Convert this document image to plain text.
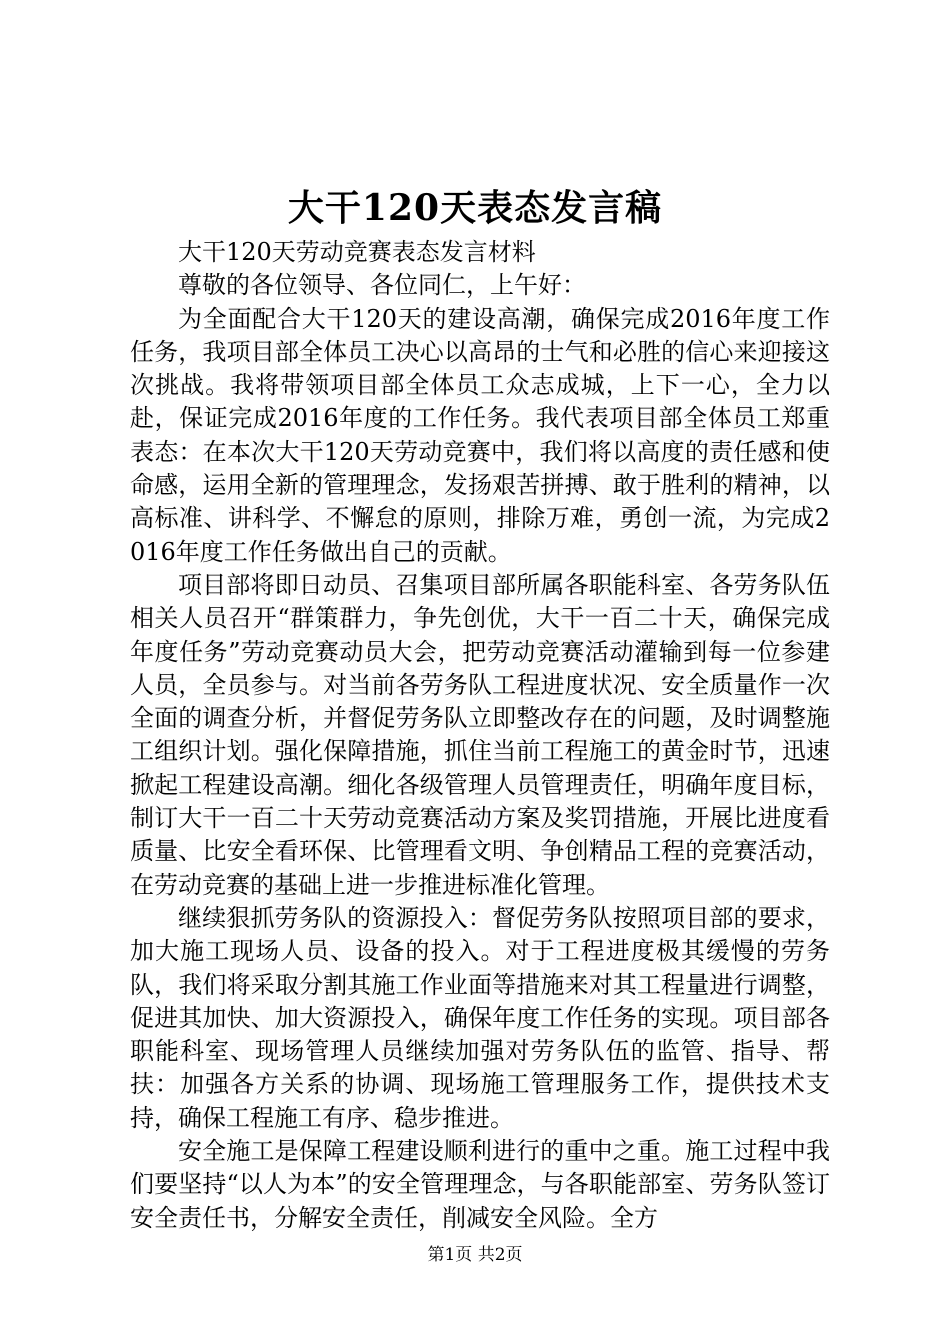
大干120天表态发言稿

大干120天劳动竞赛表态发言材料

尊敬的各位领导、各位同仁，上午好：

为全面配合大干120天的建设高潮，确保完成2016年度工作任务，我项目部全体员工决心以高昂的士气和必胜的信心来迎接这次挑战。我将带领项目部全体员工众志成城，上下一心，全力以赴，保证完成2016年度的工作任务。我代表项目部全体员工郑重表态：在本次大干120天劳动竞赛中，我们将以高度的责任感和使命感，运用全新的管理理念，发扬艰苦拼搏、敢于胜利的精神，以高标准、讲科学、不懈怠的原则，排除万难，勇创一流，为完成2016年度工作任务做出自己的贡献。

项目部将即日动员、召集项目部所属各职能科室、各劳务队伍相关人员召开“群策群力，争先创优，大干一百二十天，确保完成年度任务”劳动竞赛动员大会，把劳动竞赛活动灌输到每一位参建人员，全员参与。对当前各劳务队工程进度状况、安全质量作一次全面的调查分析，并督促劳务队立即整改存在的问题，及时调整施工组织计划。强化保障措施，抓住当前工程施工的黄金时节，迅速掀起工程建设高潮。细化各级管理人员管理责任，明确年度目标，制订大干一百二十天劳动竞赛活动方案及奖罚措施，开展比进度看质量、比安全看环保、比管理看文明、争创精品工程的竞赛活动，在劳动竞赛的基础上进一步推进标准化管理。

继续狠抓劳务队的资源投入：督促劳务队按照项目部的要求，加大施工现场人员、设备的投入。对于工程进度极其缓慢的劳务队，我们将采取分割其施工作业面等措施来对其工程量进行调整，促进其加快、加大资源投入，确保年度工作任务的实现。项目部各职能科室、现场管理人员继续加强对劳务队伍的监管、指导、帮扶：加强各方关系的协调、现场施工管理服务工作，提供技术支持，确保工程施工有序、稳步推进。

安全施工是保障工程建设顺利进行的重中之重。施工过程中我们要坚持“以人为本”的安全管理理念，与各职能部室、劳务队签订安全责任书，分解安全责任，削减安全风险。全方

第1页 共2页
